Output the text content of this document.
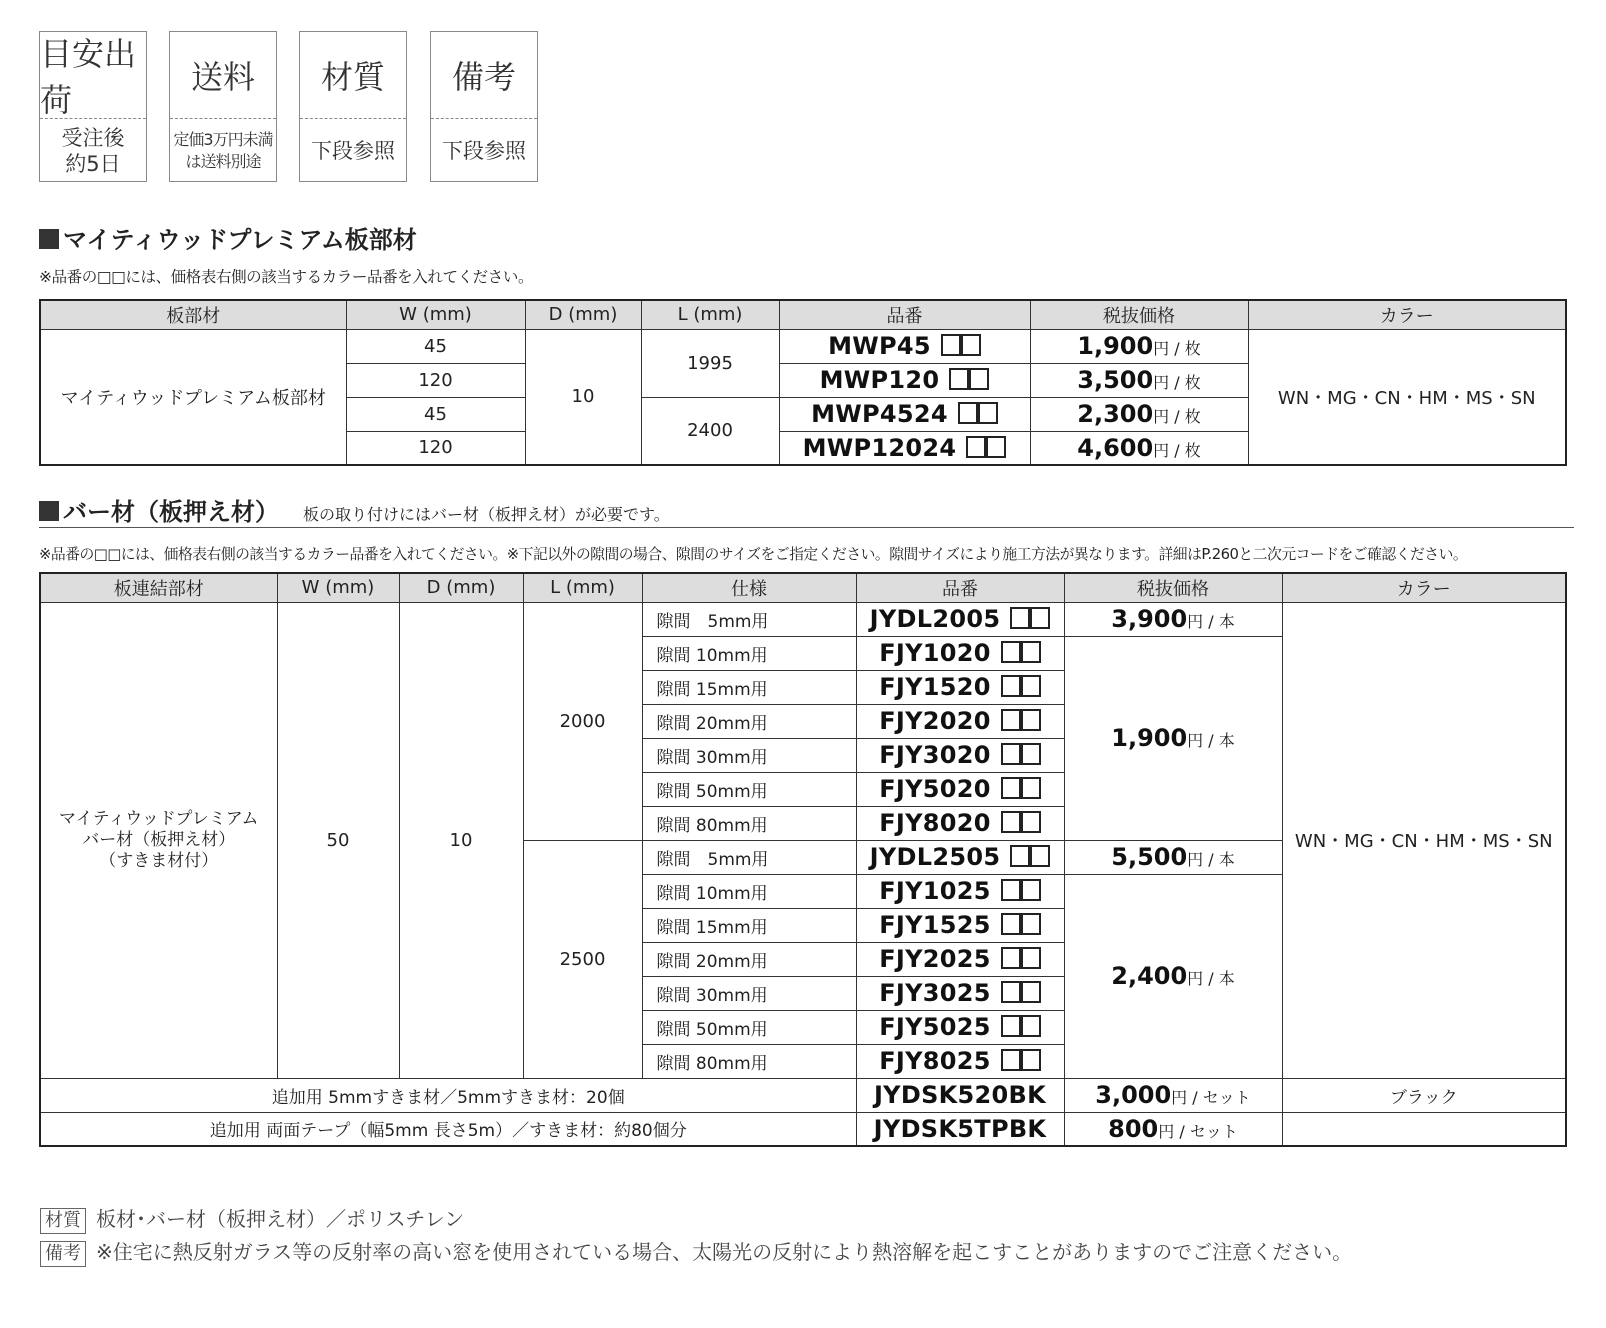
目安出荷
受注後
約5日
送料
定価3万円未満
は送料別途
材質
下段参照
備考
下段参照
マイティウッドプレミアム板部材
※品番の□□には、価格表右側の該当するカラー品番を入れてください。
板部材	W (mm)	D (mm)	L (mm)	品番	税抜価格	カラー
マイティウッドプレミアム板部材	45	10	1995	MWP45	1,900円 / 枚	WN・MG・CN・HM・MS・SN
	120			MWP120	3,500円 / 枚	
	45		2400	MWP4524	2,300円 / 枚	
	120			MWP12024	4,600円 / 枚	
バー材（板押え材） 板の取り付けにはバー材（板押え材）が必要です。
※品番の□□には、価格表右側の該当するカラー品番を入れてください。※下記以外の隙間の場合、隙間のサイズをご指定ください。隙間サイズにより施工方法が異なります。詳細はP.260と二次元コードをご確認ください。
板連結部材	W (mm)	D (mm)	L (mm)	仕様	品番	税抜価格	カラー
マイティウッドプレミアム
バー材（板押え材）
（すきま材付）	50	10	2000	隙間　5mm用	JYDL2005	3,900円 / 本	WN・MG・CN・HM・MS・SN
				隙間 10mm用	FJY1020	1,900円 / 本	
				隙間 15mm用	FJY1520		
				隙間 20mm用	FJY2020		
				隙間 30mm用	FJY3020		
				隙間 50mm用	FJY5020		
				隙間 80mm用	FJY8020		
			2500	隙間　5mm用	JYDL2505	5,500円 / 本	
				隙間 10mm用	FJY1025	2,400円 / 本	
				隙間 15mm用	FJY1525		
				隙間 20mm用	FJY2025		
				隙間 30mm用	FJY3025		
				隙間 50mm用	FJY5025		
				隙間 80mm用	FJY8025		
追加用 5mmすきま材／5mmすきま材：20個					JYDSK520BK	3,000円 / セット	ブラック
追加用 両面テープ（幅5mm 長さ5m）／すきま材：約80個分					JYDSK5TPBK	800円 / セット	
材質 板材･バー材（板押え材）／ポリスチレン
備考 ※住宅に熱反射ガラス等の反射率の高い窓を使用されている場合、太陽光の反射により熱溶解を起こすことがありますのでご注意ください。
